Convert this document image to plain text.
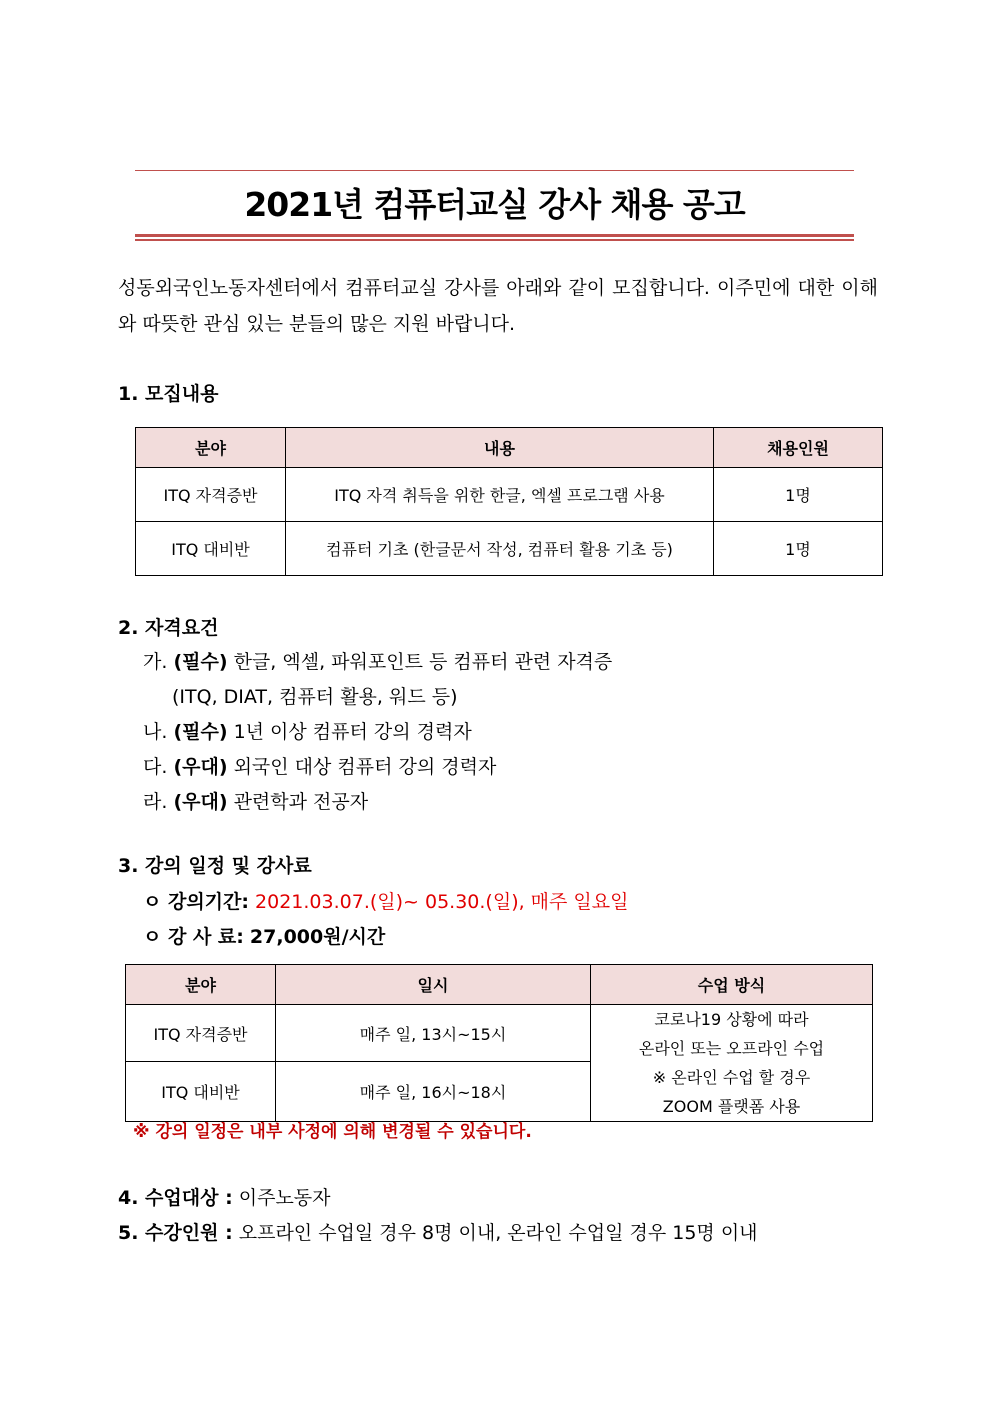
2021년 컴퓨터교실 강사 채용 공고
성동외국인노동자센터에서 컴퓨터교실 강사를 아래와 같이 모집합니다. 이주민에 대한 이해와 따뜻한 관심 있는 분들의 많은 지원 바랍니다.
1. 모집내용
분야	내용	채용인원
ITQ 자격증반	ITQ 자격 취득을 위한 한글, 엑셀 프로그램 사용	1명
ITQ 대비반	컴퓨터 기초 (한글문서 작성, 컴퓨터 활용 기초 등)	1명
2. 자격요건
가. (필수) 한글, 엑셀, 파워포인트 등 컴퓨터 관련 자격증
(ITQ, DIAT, 컴퓨터 활용, 워드 등)
나. (필수) 1년 이상 컴퓨터 강의 경력자
다. (우대) 외국인 대상 컴퓨터 강의 경력자
라. (우대) 관련학과 전공자
3. 강의 일정 및 강사료
ㅇ 강의기간: 2021.03.07.(일)~ 05.30.(일), 매주 일요일
ㅇ 강 사 료: 27,000원/시간
분야	일시	수업 방식
ITQ 자격증반	매주 일, 13시~15시	코로나19 상황에 따라
온라인 또는 오프라인 수업
※ 온라인 수업 할 경우
ZOOM 플랫폼 사용

ITQ 대비반	매주 일, 16시~18시	
※ 강의 일정은 내부 사정에 의해 변경될 수 있습니다.
4. 수업대상 : 이주노동자
5. 수강인원 : 오프라인 수업일 경우 8명 이내, 온라인 수업일 경우 15명 이내
